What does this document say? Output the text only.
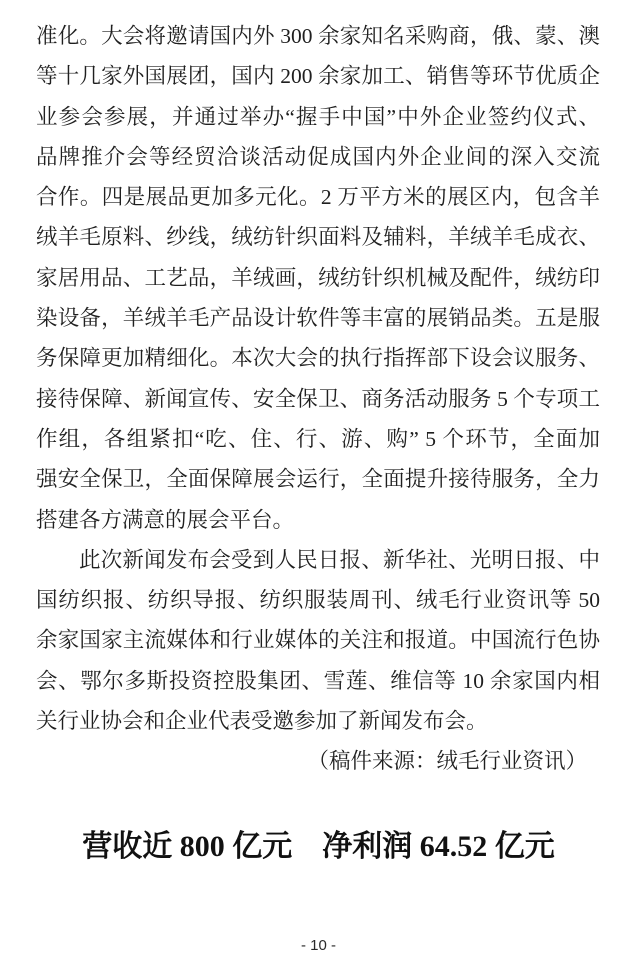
准化。大会将邀请国内外 300 余家知名采购商，俄、蒙、澳
等十几家外国展团，国内 200 余家加工、销售等环节优质企
业参会参展，并通过举办“握手中国”中外企业签约仪式、
品牌推介会等经贸洽谈活动促成国内外企业间的深入交流
合作。四是展品更加多元化。2 万平方米的展区内，包含羊
绒羊毛原料、纱线，绒纺针织面料及辅料，羊绒羊毛成衣、
家居用品、工艺品，羊绒画，绒纺针织机械及配件，绒纺印
染设备，羊绒羊毛产品设计软件等丰富的展销品类。五是服
务保障更加精细化。本次大会的执行指挥部下设会议服务、
接待保障、新闻宣传、安全保卫、商务活动服务 5 个专项工
作组，各组紧扣“吃、住、行、游、购” 5 个环节，全面加
强安全保卫，全面保障展会运行，全面提升接待服务，全力
搭建各方满意的展会平台。
此次新闻发布会受到人民日报、新华社、光明日报、中
国纺织报、纺织导报、纺织服装周刊、绒毛行业资讯等 50
余家国家主流媒体和行业媒体的关注和报道。中国流行色协
会、鄂尔多斯投资控股集团、雪莲、维信等 10 余家国内相
关行业协会和企业代表受邀参加了新闻发布会。
（稿件来源：绒毛行业资讯）
营收近 800 亿元　净利润 64.52 亿元
- 10 -
